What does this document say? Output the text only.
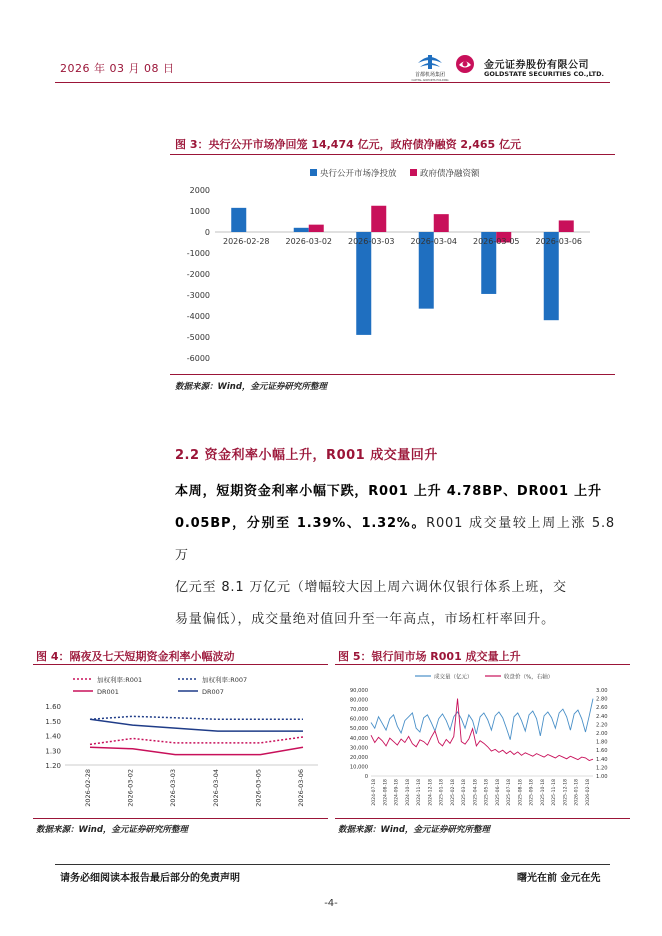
2026 年 03 月 08 日	首都机场集团
CAPITAL AIRPORTS HOLDING
金元证券股份有限公司
GOLDSTATE SECURITIES CO.,LTD.
图 3：央行公开市场净回笼 14,474 亿元，政府债净融资 2,465 亿元
2000
1000
0
-1000
-2000
-3000
-4000
-5000
-6000
2026-02-28 2026-03-02 2026-03-03 2026-03-04 2026-03-05 2026-03-06
央行公开市场净投放	政府债净融资额
数据来源：Wind，金元证券研究所整理
2.2 资金利率小幅上升，R001 成交量回升
本周，短期资金利率小幅下跌，R001 上升 4.78BP、DR001 上升
0.05BP，分别至 1.39%、1.32%。R001 成交量较上周上涨 5.8 万
亿元至 8.1 万亿元（增幅较大因上周六调休仅银行体系上班，交
易量偏低），成交量绝对值回升至一年高点，市场杠杆率回升。
图 4：隔夜及七天短期资金利率小幅波动
加权利率:R001	加权利率:R007
DR001	DR007
1.60
1.50
1.40
1.30
1.20
2026-02-28	2026-03-02	2026-03-03	2026-03-04	2026-03-05	2026-03-06
数据来源：Wind，金元证券研究所整理
图 5：银行间市场 R001 成交量上升
成交量（亿元）	收盘价（%，右轴）
90,000
80,000
70,000
60,000
50,000
40,000
30,000
20,000
10,000
0
3.00
2.80
2.60
2.40
2.20
2.00
1.80
1.60
1.40
1.20
1.00
2024-07-18 2024-08-18 2024-09-18 2024-10-18 2024-11-18 2024-12-18 2025-01-18 2025-02-18 2025-03-18 2025-04-18 2025-05-18 2025-06-18 2025-07-18 2025-08-18 2025-09-18 2025-10-18 2025-11-18 2025-12-18 2026-01-18 2026-02-18
数据来源：Wind，金元证券研究所整理
请务必细阅读本报告最后部分的免责声明	曙光在前 金元在先
-4-
